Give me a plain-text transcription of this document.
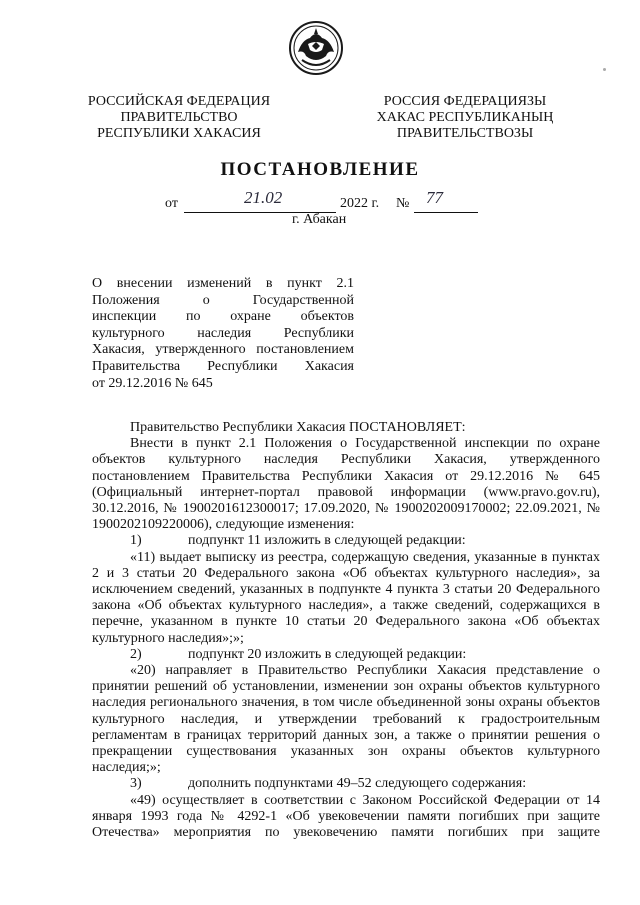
РОССИЙСКАЯ ФЕДЕРАЦИЯ
ПРАВИТЕЛЬСТВО
РЕСПУБЛИКИ ХАКАСИЯ
РОССИЯ ФЕДЕРАЦИЯЗЫ
ХАКАС РЕСПУБЛИКАНЫҢ
ПРАВИТЕЛЬСТВОЗЫ
ПОСТАНОВЛЕНИЕ
от	21.02	2022 г. № 77
г. Абакан
О внесении изменений в пункт 2.1
Положения о Государственной
инспекции по охране объектов
культурного наследия Республики
Хакасия, утвержденного постановлением
Правительства Республики Хакасия
от 29.12.2016 № 645

Правительство Республики Хакасия ПОСТАНОВЛЯЕТ:

Внести в пункт 2.1 Положения о Государственной инспекции по охране объектов культурного наследия Республики Хакасия, утвержденного постановлением Правительства Республики Хакасия от 29.12.2016 № 645 (Официальный интернет-портал правовой информации (www.pravo.gov.ru), 30.12.2016, № 1900201612300017; 17.09.2020, № 1900202009170002; 22.09.2021, № 1900202109220006), следующие изменения:

1)	подпункт 11 изложить в следующей редакции:

«11) выдает выписку из реестра, содержащую сведения, указанные в пунктах 2 и 3 статьи 20 Федерального закона «Об объектах культурного наследия», за исключением сведений, указанных в подпункте 4 пункта 3 статьи 20 Федерального закона «Об объектах культурного наследия», а также сведений, содержащихся в перечне, указанном в пункте 10 статьи 20 Федерального закона «Об объектах культурного наследия»;»;

2)	подпункт 20 изложить в следующей редакции:

«20) направляет в Правительство Республики Хакасия представление о принятии решений об установлении, изменении зон охраны объектов культурного наследия регионального значения, в том числе объединенной зоны охраны объектов культурного наследия, и утверждении требований к градостроительным регламентам в границах территорий данных зон, а также о принятии решения о прекращении существования указанных зон охраны объектов культурного наследия;»;

3)	дополнить подпунктами 49–52 следующего содержания:

«49) осуществляет в соответствии с Законом Российской Федерации от 14 января 1993 года № 4292-1 «Об увековечении памяти погибших при защите Отечества» мероприятия по увековечению памяти погибших при защите
